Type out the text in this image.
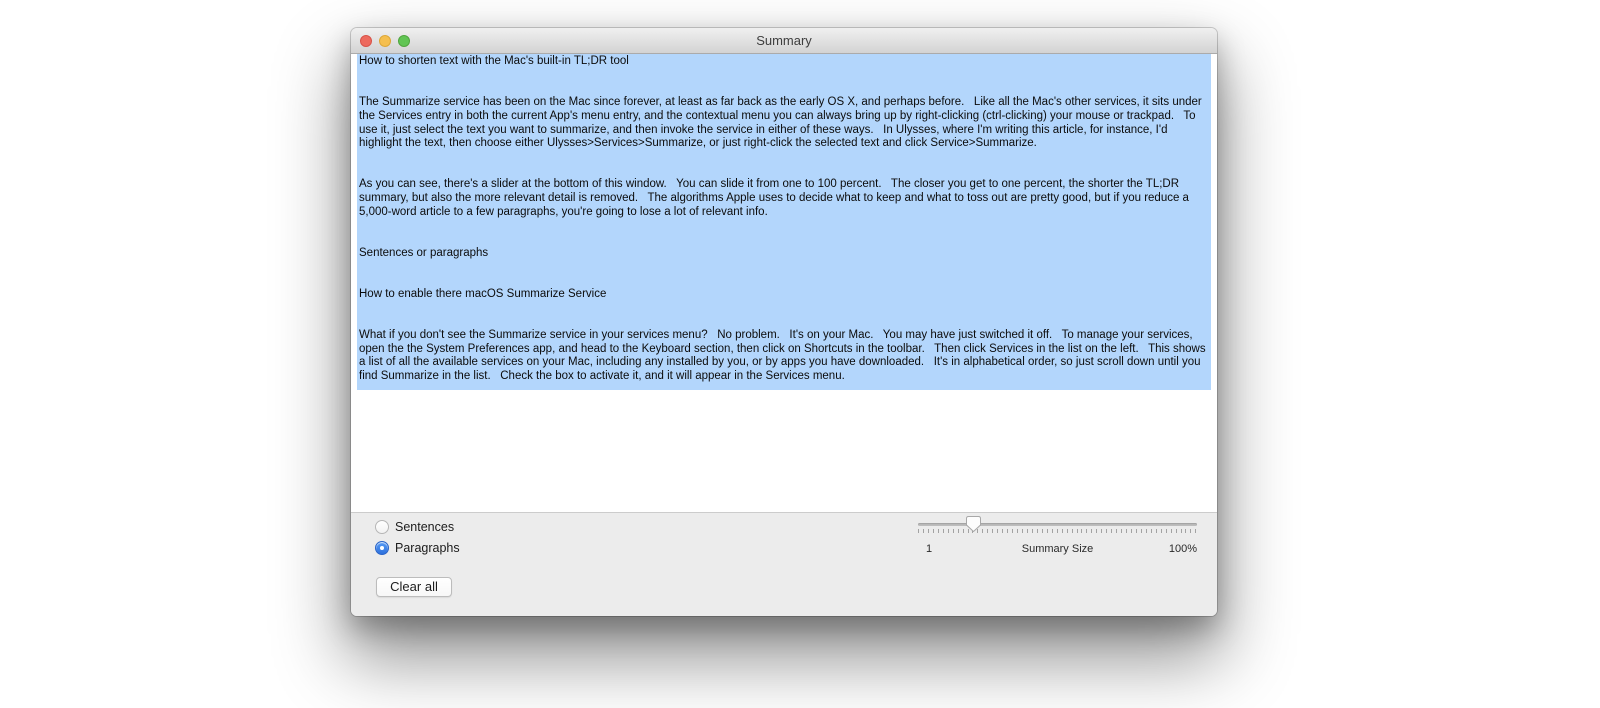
Summary
How to shorten text with the Mac's built-in TL;DR tool
The Summarize service has been on the Mac since forever, at least as far back as the early OS X, and perhaps before.   Like all the Mac's other services, it sits under the Services entry in both the current App's menu entry, and the contextual menu you can always bring up by right-clicking (ctrl-clicking) your mouse or trackpad.   To use it, just select the text you want to summarize, and then invoke the service in either of these ways.   In Ulysses, where I'm writing this article, for instance, I'd highlight the text, then choose either Ulysses>Services>Summarize, or just right-click the selected text and click Service>Summarize.
As you can see, there's a slider at the bottom of this window.   You can slide it from one to 100 percent.   The closer you get to one percent, the shorter the TL;DR summary, but also the more relevant detail is removed.   The algorithms Apple uses to decide what to keep and what to toss out are pretty good, but if you reduce a 5,000-word article to a few paragraphs, you're going to lose a lot of relevant info.
Sentences or paragraphs
How to enable there macOS Summarize Service
What if you don't see the Summarize service in your services menu?   No problem.   It's on your Mac.   You may have just switched it off.   To manage your services, open the the System Preferences app, and head to the Keyboard section, then click on Shortcuts in the toolbar.   Then click Services in the list on the left.   This shows a list of all the available services on your Mac, including any installed by you, or by apps you have downloaded.   It's in alphabetical order, so just scroll down until you find Summarize in the list.   Check the box to activate it, and it will appear in the Services menu.
Sentences
Paragraphs
Clear all
1	Summary Size	100%
